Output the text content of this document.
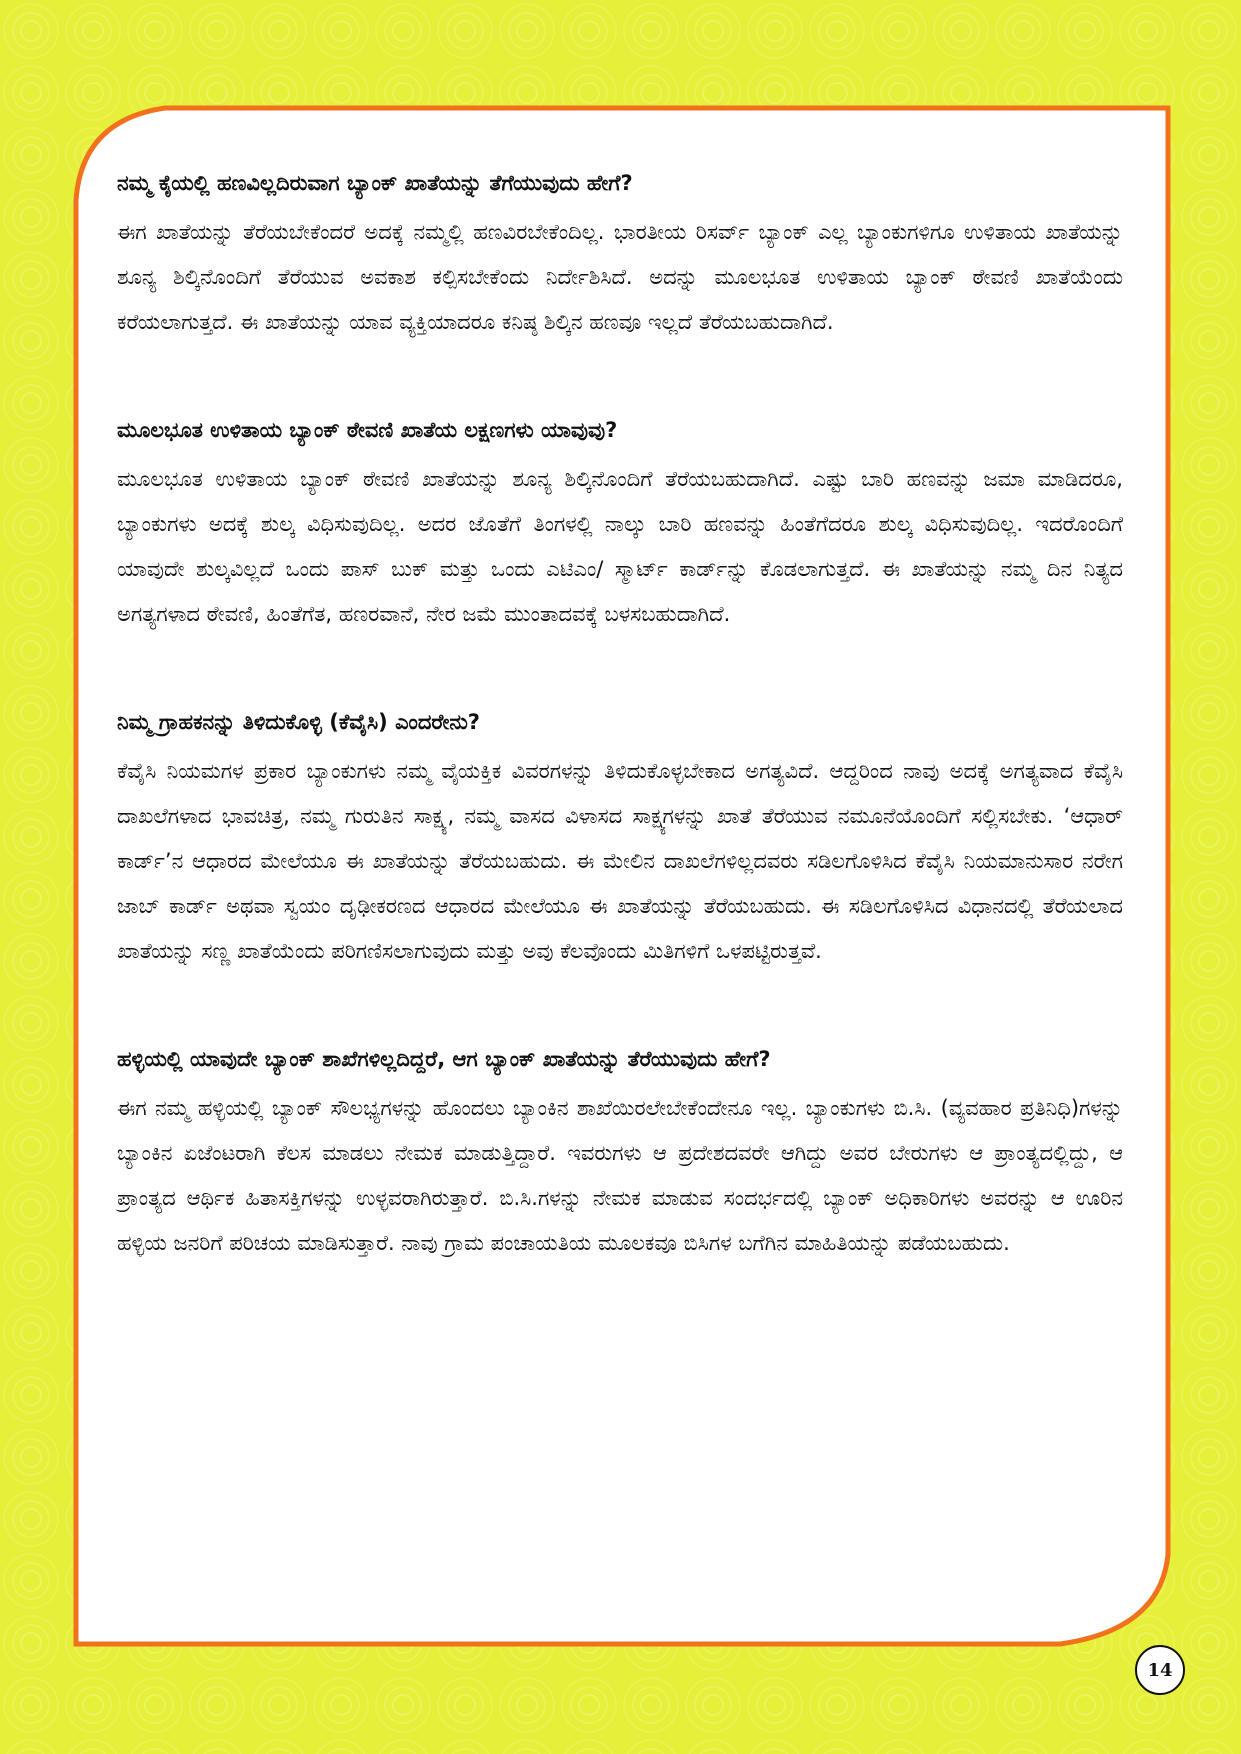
ನಮ್ಮ ಕೈಯಲ್ಲಿ ಹಣವಿಲ್ಲದಿರುವಾಗ ಬ್ಯಾಂಕ್ ಖಾತೆಯನ್ನು ತೆಗೆಯುವುದು ಹೇಗೆ?

ಈಗ ಖಾತೆಯನ್ನು ತೆರೆಯಬೇಕೆಂದರೆ ಅದಕ್ಕೆ ನಮ್ಮಲ್ಲಿ ಹಣವಿರಬೇಕೆಂದಿಲ್ಲ. ಭಾರತೀಯ ರಿಸರ್ವ್ ಬ್ಯಾಂಕ್ ಎಲ್ಲ ಬ್ಯಾಂಕುಗಳಿಗೂ ಉಳಿತಾಯ ಖಾತೆಯನ್ನು ಶೂನ್ಯ ಶಿಲ್ಕಿನೊಂದಿಗೆ ತೆರೆಯುವ ಅವಕಾಶ ಕಲ್ಪಿಸಬೇಕೆಂದು ನಿರ್ದೇಶಿಸಿದೆ. ಅದನ್ನು ಮೂಲಭೂತ ಉಳಿತಾಯ ಬ್ಯಾಂಕ್ ಠೇವಣಿ ಖಾತೆಯೆಂದು ಕರೆಯಲಾಗುತ್ತದೆ. ಈ ಖಾತೆಯನ್ನು ಯಾವ ವ್ಯಕ್ತಿಯಾದರೂ ಕನಿಷ್ಠ ಶಿಲ್ಕಿನ ಹಣವೂ ಇಲ್ಲದೆ ತೆರೆಯಬಹುದಾಗಿದೆ.

ಮೂಲಭೂತ ಉಳಿತಾಯ ಬ್ಯಾಂಕ್ ಠೇವಣಿ ಖಾತೆಯ ಲಕ್ಷಣಗಳು ಯಾವುವು?

ಮೂಲಭೂತ ಉಳಿತಾಯ ಬ್ಯಾಂಕ್ ಠೇವಣಿ ಖಾತೆಯನ್ನು ಶೂನ್ಯ ಶಿಲ್ಕಿನೊಂದಿಗೆ ತೆರೆಯಬಹುದಾಗಿದೆ. ಎಷ್ಟು ಬಾರಿ ಹಣವನ್ನು ಜಮಾ ಮಾಡಿದರೂ, ಬ್ಯಾಂಕುಗಳು ಅದಕ್ಕೆ ಶುಲ್ಕ ವಿಧಿಸುವುದಿಲ್ಲ. ಅದರ ಜೊತೆಗೆ ತಿಂಗಳಲ್ಲಿ ನಾಲ್ಕು ಬಾರಿ ಹಣವನ್ನು ಹಿಂತೆಗೆದರೂ ಶುಲ್ಕ ವಿಧಿಸುವುದಿಲ್ಲ. ಇದರೊಂದಿಗೆ ಯಾವುದೇ ಶುಲ್ಕವಿಲ್ಲದೆ ಒಂದು ಪಾಸ್ ಬುಕ್ ಮತ್ತು ಒಂದು ಎಟಿಎಂ/ ಸ್ಮಾರ್ಟ್ ಕಾರ್ಡ್‌ನ್ನು ಕೊಡಲಾಗುತ್ತದೆ. ಈ ಖಾತೆಯನ್ನು ನಮ್ಮ ದಿನ ನಿತ್ಯದ ಅಗತ್ಯಗಳಾದ ಠೇವಣಿ, ಹಿಂತೆಗೆತ, ಹಣರವಾನೆ, ನೇರ ಜಮೆ ಮುಂತಾದವಕ್ಕೆ ಬಳಸಬಹುದಾಗಿದೆ.

ನಿಮ್ಮ ಗ್ರಾಹಕನನ್ನು ತಿಳಿದುಕೊಳ್ಳಿ (ಕೆವೈಸಿ) ಎಂದರೇನು?

ಕೆವೈಸಿ ನಿಯಮಗಳ ಪ್ರಕಾರ ಬ್ಯಾಂಕುಗಳು ನಮ್ಮ ವೈಯಕ್ತಿಕ ವಿವರಗಳನ್ನು ತಿಳಿದುಕೊಳ್ಳಬೇಕಾದ ಅಗತ್ಯವಿದೆ. ಆದ್ದರಿಂದ ನಾವು ಅದಕ್ಕೆ ಅಗತ್ಯವಾದ ಕೆವೈಸಿ ದಾಖಲೆಗಳಾದ ಭಾವಚಿತ್ರ, ನಮ್ಮ ಗುರುತಿನ ಸಾಕ್ಷ್ಯ, ನಮ್ಮ ವಾಸದ ವಿಳಾಸದ ಸಾಕ್ಷ್ಯಗಳನ್ನು ಖಾತೆ ತೆರೆಯುವ ನಮೂನೆಯೊಂದಿಗೆ ಸಲ್ಲಿಸಬೇಕು. ‘ಆಧಾರ್ ಕಾರ್ಡ್’ನ ಆಧಾರದ ಮೇಲೆಯೂ ಈ ಖಾತೆಯನ್ನು ತೆರೆಯಬಹುದು. ಈ ಮೇಲಿನ ದಾಖಲೆಗಳಿಲ್ಲದವರು ಸಡಿಲಗೊಳಿಸಿದ ಕೆವೈಸಿ ನಿಯಮಾನುಸಾರ ನರೇಗ ಜಾಬ್ ಕಾರ್ಡ್ ಅಥವಾ ಸ್ವಯಂ ದೃಢೀಕರಣದ ಆಧಾರದ ಮೇಲೆಯೂ ಈ ಖಾತೆಯನ್ನು ತೆರೆಯಬಹುದು. ಈ ಸಡಿಲಗೊಳಿಸಿದ ವಿಧಾನದಲ್ಲಿ ತೆರೆಯಲಾದ ಖಾತೆಯನ್ನು ಸಣ್ಣ ಖಾತೆಯೆಂದು ಪರಿಗಣಿಸಲಾಗುವುದು ಮತ್ತು ಅವು ಕೆಲವೊಂದು ಮಿತಿಗಳಿಗೆ ಒಳಪಟ್ಟಿರುತ್ತವೆ.

ಹಳ್ಳಿಯಲ್ಲಿ ಯಾವುದೇ ಬ್ಯಾಂಕ್ ಶಾಖೆಗಳಿಲ್ಲದಿದ್ದರೆ, ಆಗ ಬ್ಯಾಂಕ್ ಖಾತೆಯನ್ನು ತೆರೆಯುವುದು ಹೇಗೆ?

ಈಗ ನಮ್ಮ ಹಳ್ಳಿಯಲ್ಲಿ ಬ್ಯಾಂಕ್ ಸೌಲಭ್ಯಗಳನ್ನು ಹೊಂದಲು ಬ್ಯಾಂಕಿನ ಶಾಖೆಯಿರಲೇಬೇಕೆಂದೇನೂ ಇಲ್ಲ. ಬ್ಯಾಂಕುಗಳು ಬಿ.ಸಿ. (ವ್ಯವಹಾರ ಪ್ರತಿನಿಧಿ)ಗಳನ್ನು ಬ್ಯಾಂಕಿನ ಏಜೆಂಟರಾಗಿ ಕೆಲಸ ಮಾಡಲು ನೇಮಕ ಮಾಡುತ್ತಿದ್ದಾರೆ. ಇವರುಗಳು ಆ ಪ್ರದೇಶದವರೇ ಆಗಿದ್ದು ಅವರ ಬೇರುಗಳು ಆ ಪ್ರಾಂತ್ಯದಲ್ಲಿದ್ದು, ಆ ಪ್ರಾಂತ್ಯದ ಆರ್ಥಿಕ ಹಿತಾಸಕ್ತಿಗಳನ್ನು ಉಳ್ಳವರಾಗಿರುತ್ತಾರೆ. ಬಿ.ಸಿ.ಗಳನ್ನು ನೇಮಕ ಮಾಡುವ ಸಂದರ್ಭದಲ್ಲಿ ಬ್ಯಾಂಕ್ ಅಧಿಕಾರಿಗಳು ಅವರನ್ನು ಆ ಊರಿನ ಹಳ್ಳಿಯ ಜನರಿಗೆ ಪರಿಚಯ ಮಾಡಿಸುತ್ತಾರೆ. ನಾವು ಗ್ರಾಮ ಪಂಚಾಯತಿಯ ಮೂಲಕವೂ ಬಿಸಿಗಳ ಬಗೆಗಿನ ಮಾಹಿತಿಯನ್ನು ಪಡೆಯಬಹುದು.

14
